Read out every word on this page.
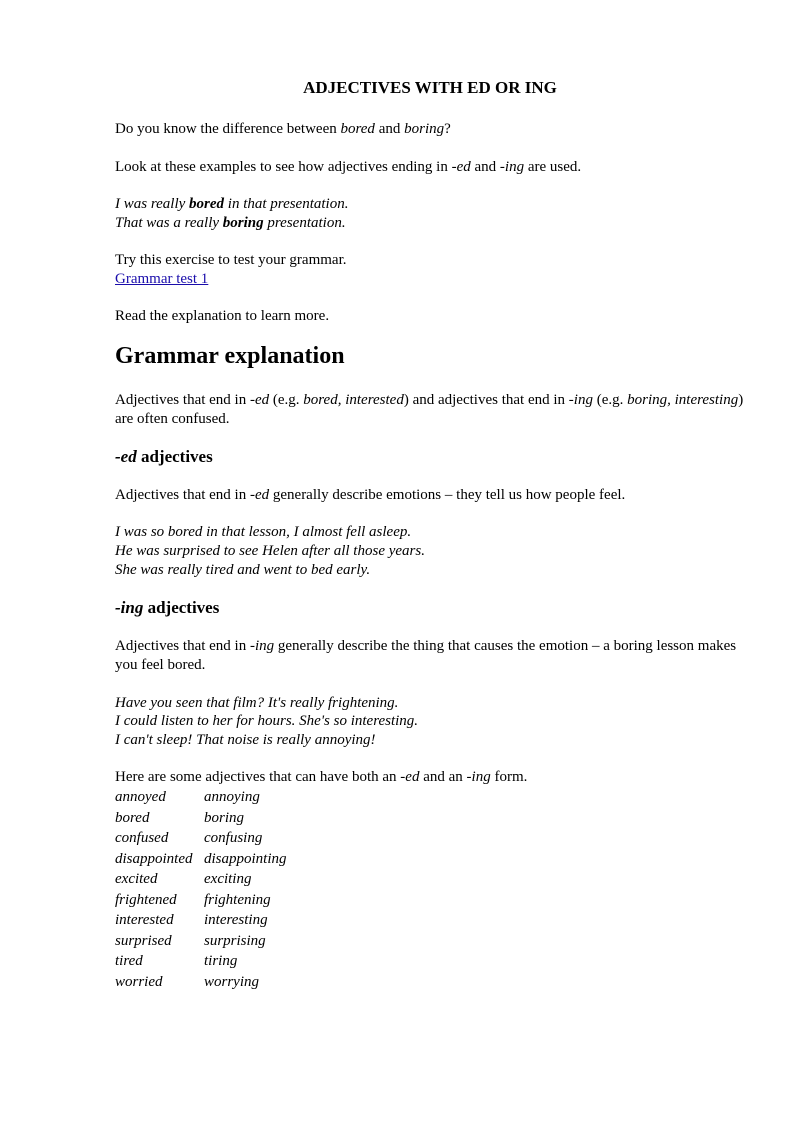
ADJECTIVES WITH ED OR ING

Do you know the difference between bored and boring?

Look at these examples to see how adjectives ending in -ed and -ing are used.

I was really bored in that presentation.

That was a really boring presentation.

Try this exercise to test your grammar.

Grammar test 1

Read the explanation to learn more.

Grammar explanation

Adjectives that end in -ed (e.g. bored, interested) and adjectives that end in -ing (e.g. boring, interesting) are often confused.

-ed adjectives

Adjectives that end in -ed generally describe emotions – they tell us how people feel.

I was so bored in that lesson, I almost fell asleep.

He was surprised to see Helen after all those years.

She was really tired and went to bed early.

-ing adjectives

Adjectives that end in -ing generally describe the thing that causes the emotion – a boring lesson makes you feel bored.

Have you seen that film? It's really frightening.

I could listen to her for hours. She's so interesting.

I can't sleep! That noise is really annoying!

Here are some adjectives that can have both an -ed and an -ing form.

annoyed	annoying
bored	boring
confused	confusing
disappointed disappointing
excited	exciting
frightened	frightening
interested	interesting
surprised	surprising
tired	tiring
worried	worrying
